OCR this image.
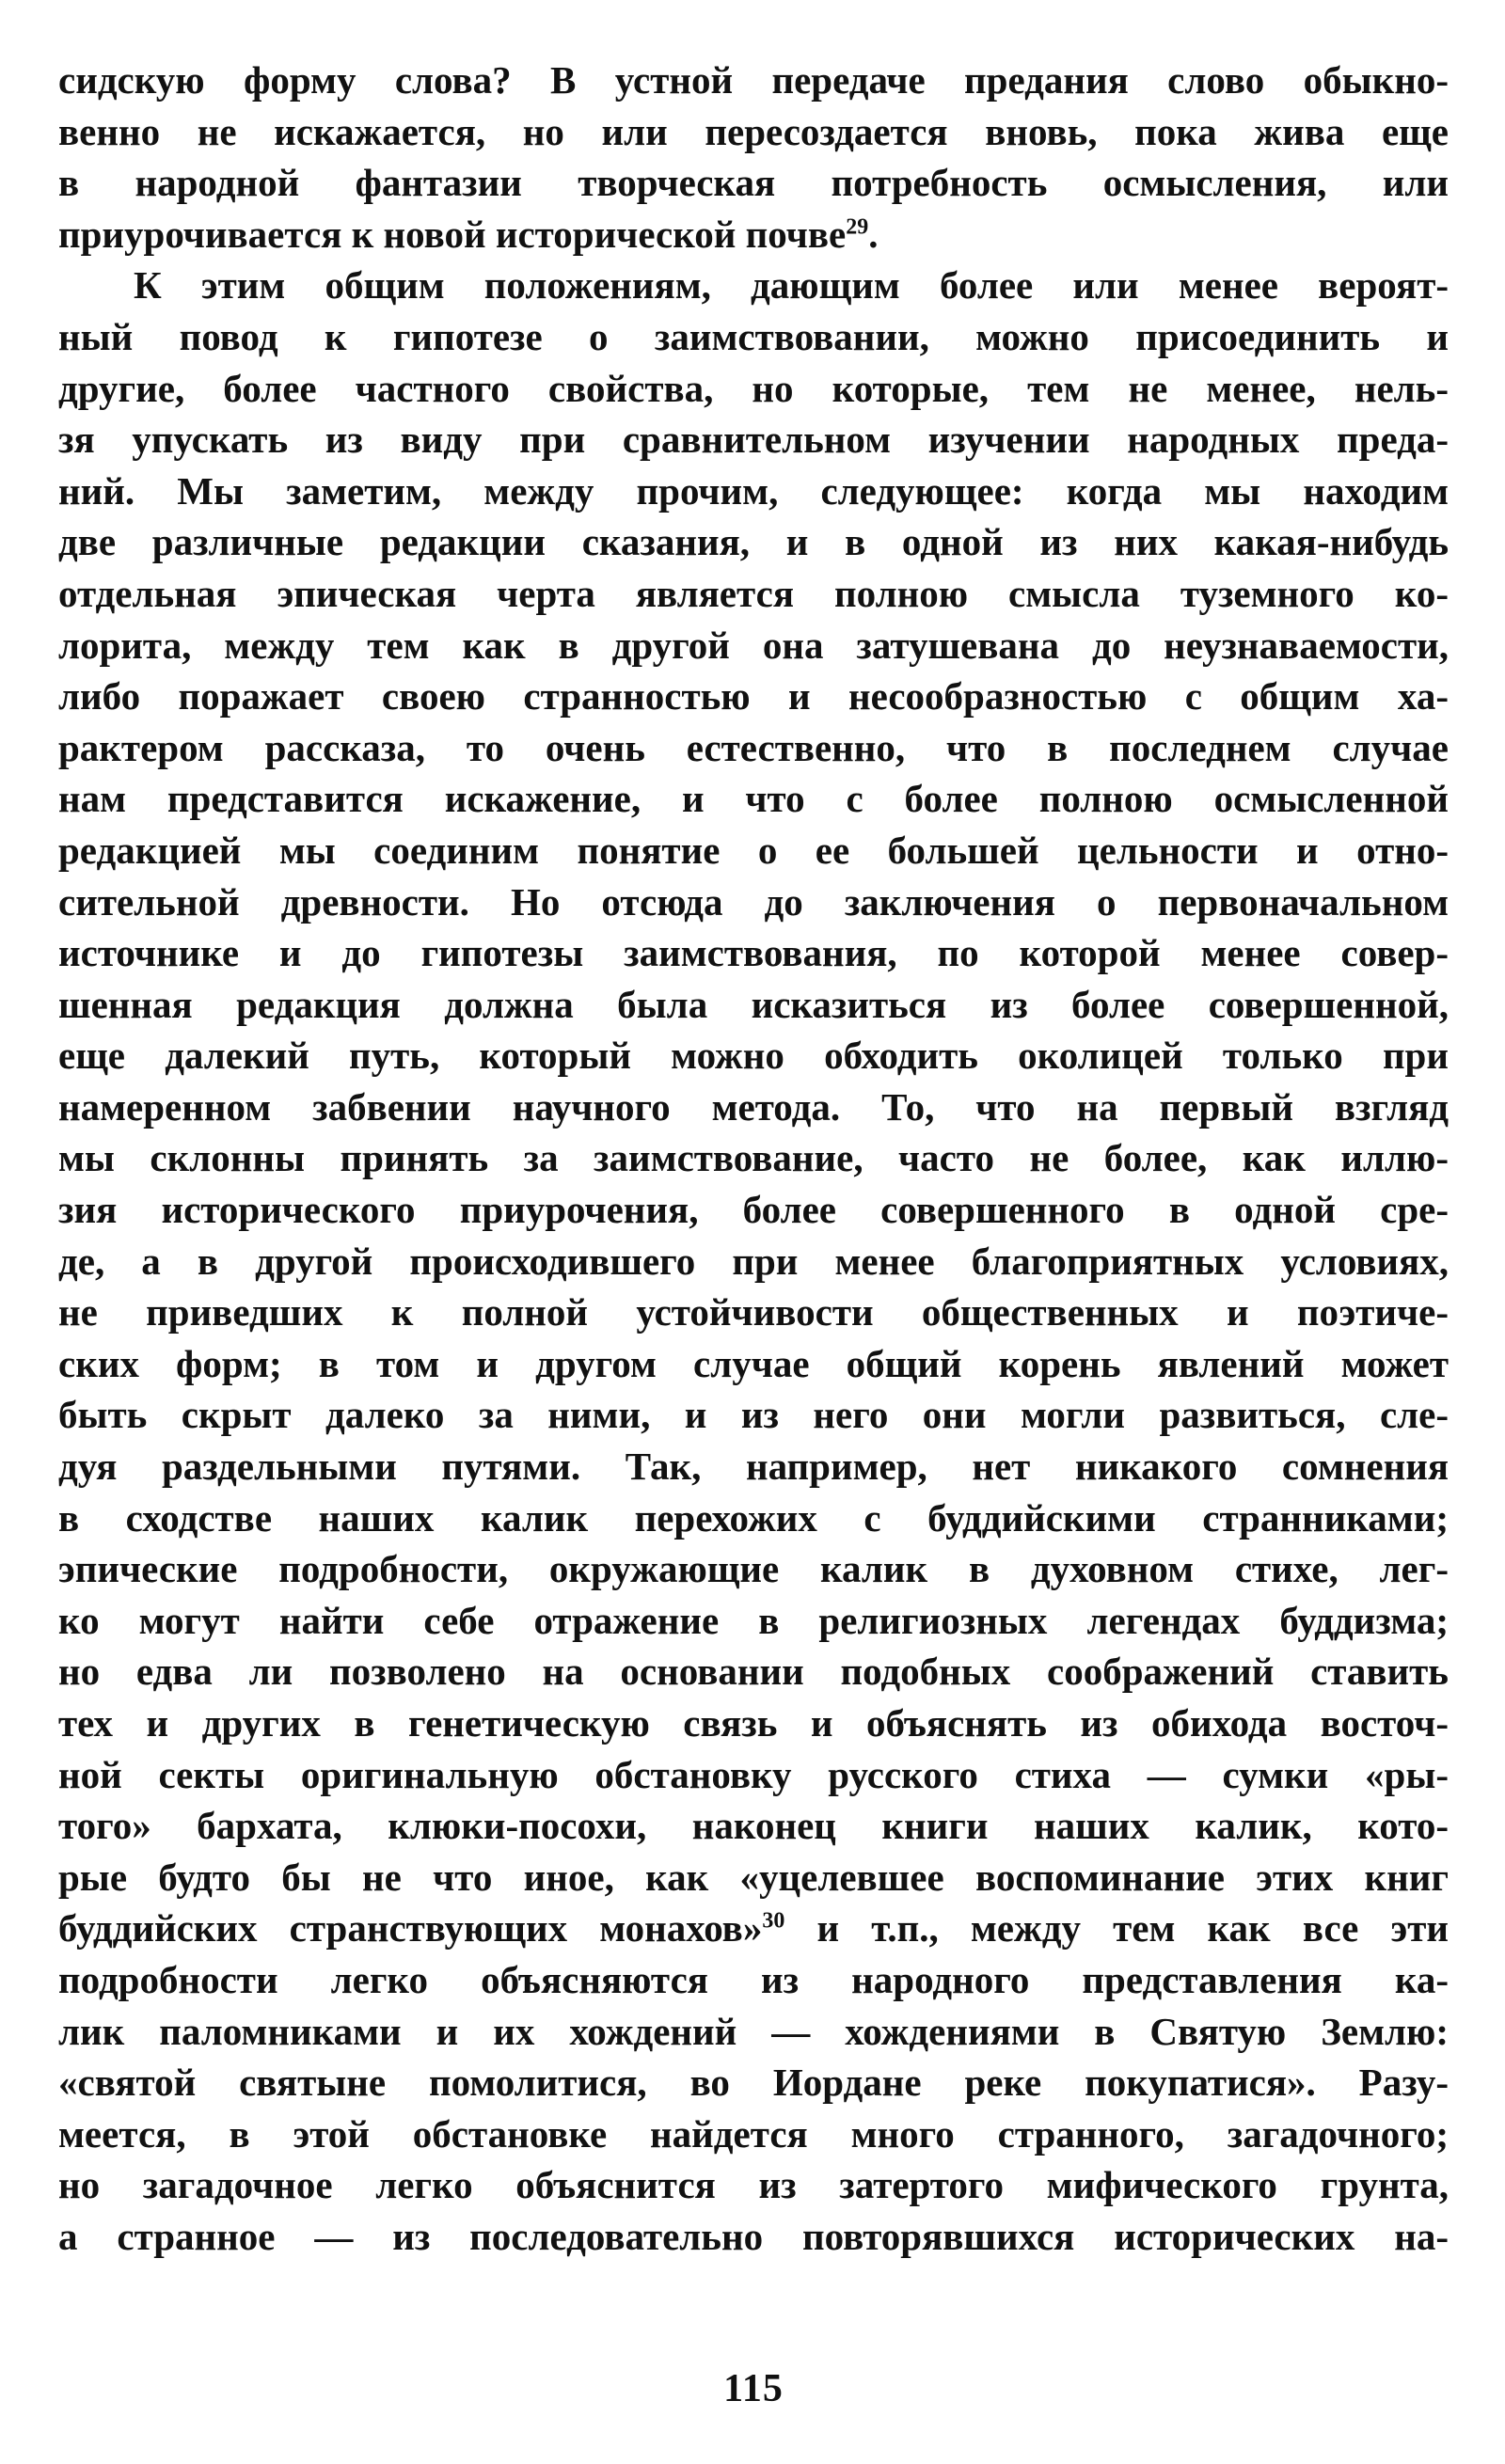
сидскую форму слова? В устной передаче предания слово обыкно-
венно не искажается, но или пересоздается вновь, пока жива еще
в народной фантазии творческая потребность осмысления, или
приурочивается к новой исторической почве$^{29}$.
К этим общим положениям, дающим более или менее вероят-
ный повод к гипотезе о заимствовании, можно присоединить и
другие, более частного свойства, но которые, тем не менее, нель-
зя упускать из виду при сравнительном изучении народных преда-
ний. Мы заметим, между прочим, следующее: когда мы находим
две различные редакции сказания, и в одной из них какая-нибудь
отдельная эпическая черта является полною смысла туземного ко-
лорита, между тем как в другой она затушевана до неузнаваемости,
либо поражает своею странностью и несообразностью с общим ха-
рактером рассказа, то очень естественно, что в последнем случае
нам представится искажение, и что с более полною осмысленной
редакцией мы соединим понятие о ее большей цельности и отно-
сительной древности. Но отсюда до заключения о первоначальном
источнике и до гипотезы заимствования, по которой менее совер-
шенная редакция должна была исказиться из более совершенной,
еще далекий путь, который можно обходить околицей только при
намеренном забвении научного метода. То, что на первый взгляд
мы склонны принять за заимствование, часто не более, как иллю-
зия исторического приурочения, более совершенного в одной сре-
де, а в другой происходившего при менее благоприятных условиях,
не приведших к полной устойчивости общественных и поэтиче-
ских форм; в том и другом случае общий корень явлений может
быть скрыт далеко за ними, и из него они могли развиться, сле-
дуя раздельными путями. Так, например, нет никакого сомнения
в сходстве наших калик перехожих с буддийскими странниками;
эпические подробности, окружающие калик в духовном стихе, лег-
ко могут найти себе отражение в религиозных легендах буддизма;
но едва ли позволено на основании подобных соображений ставить
тех и других в генетическую связь и объяснять из обихода восточ-
ной секты оригинальную обстановку русского стиха — сумки «ры-
того» бархата, клюки-посохи, наконец книги наших калик, кото-
рые будто бы не что иное, как «уцелевшее воспоминание этих книг
буддийских странствующих монахов»$^{30}$ и т.п., между тем как все эти
подробности легко объясняются из народного представления ка-
лик паломниками и их хождений — хождениями в Святую Землю:
«святой святыне помолитися, во Иордане реке покупатися». Разу-
меется, в этой обстановке найдется много странного, загадочного;
но загадочное легко объяснится из затертого мифического грунта,
а странное — из последовательно повторявшихся исторических на-
115
